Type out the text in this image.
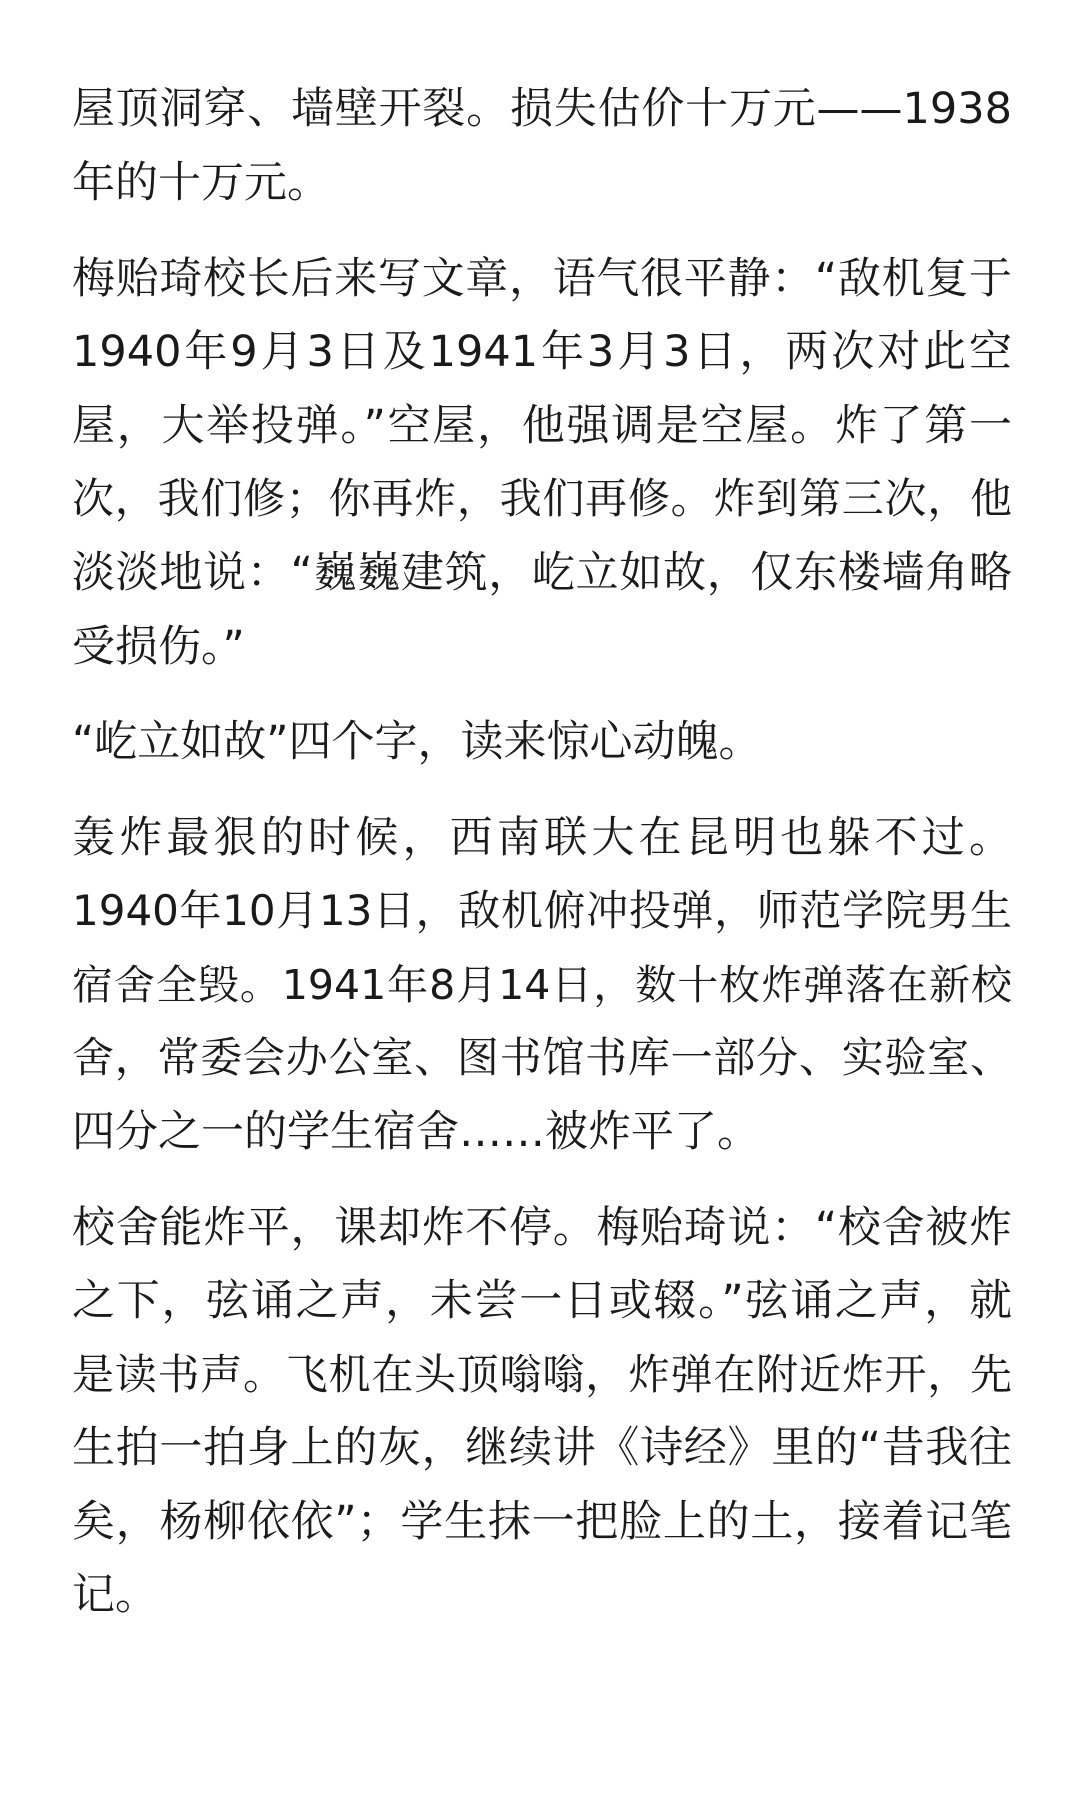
屋顶洞穿、墙壁开裂。损失估价十万元——1938
年的十万元。
梅贻琦校长后来写文章，语气很平静：“敌机复于
1940年9月3日及1941年3月3日，两次对此空
屋，大举投弹。”空屋，他强调是空屋。炸了第一
次，我们修；你再炸，我们再修。炸到第三次，他
淡淡地说：“巍巍建筑，屹立如故，仅东楼墙角略
受损伤。”
“屹立如故”四个字，读来惊心动魄。
轰炸最狠的时候，西南联大在昆明也躲不过。
1940年10月13日，敌机俯冲投弹，师范学院男生
宿舍全毁。1941年8月14日，数十枚炸弹落在新校
舍，常委会办公室、图书馆书库一部分、实验室、
四分之一的学生宿舍……被炸平了。
校舍能炸平，课却炸不停。梅贻琦说：“校舍被炸
之下，弦诵之声，未尝一日或辍。”弦诵之声，就
是读书声。飞机在头顶嗡嗡，炸弹在附近炸开，先
生拍一拍身上的灰，继续讲《诗经》里的“昔我往
矣，杨柳依依”；学生抹一把脸上的土，接着记笔
记。
